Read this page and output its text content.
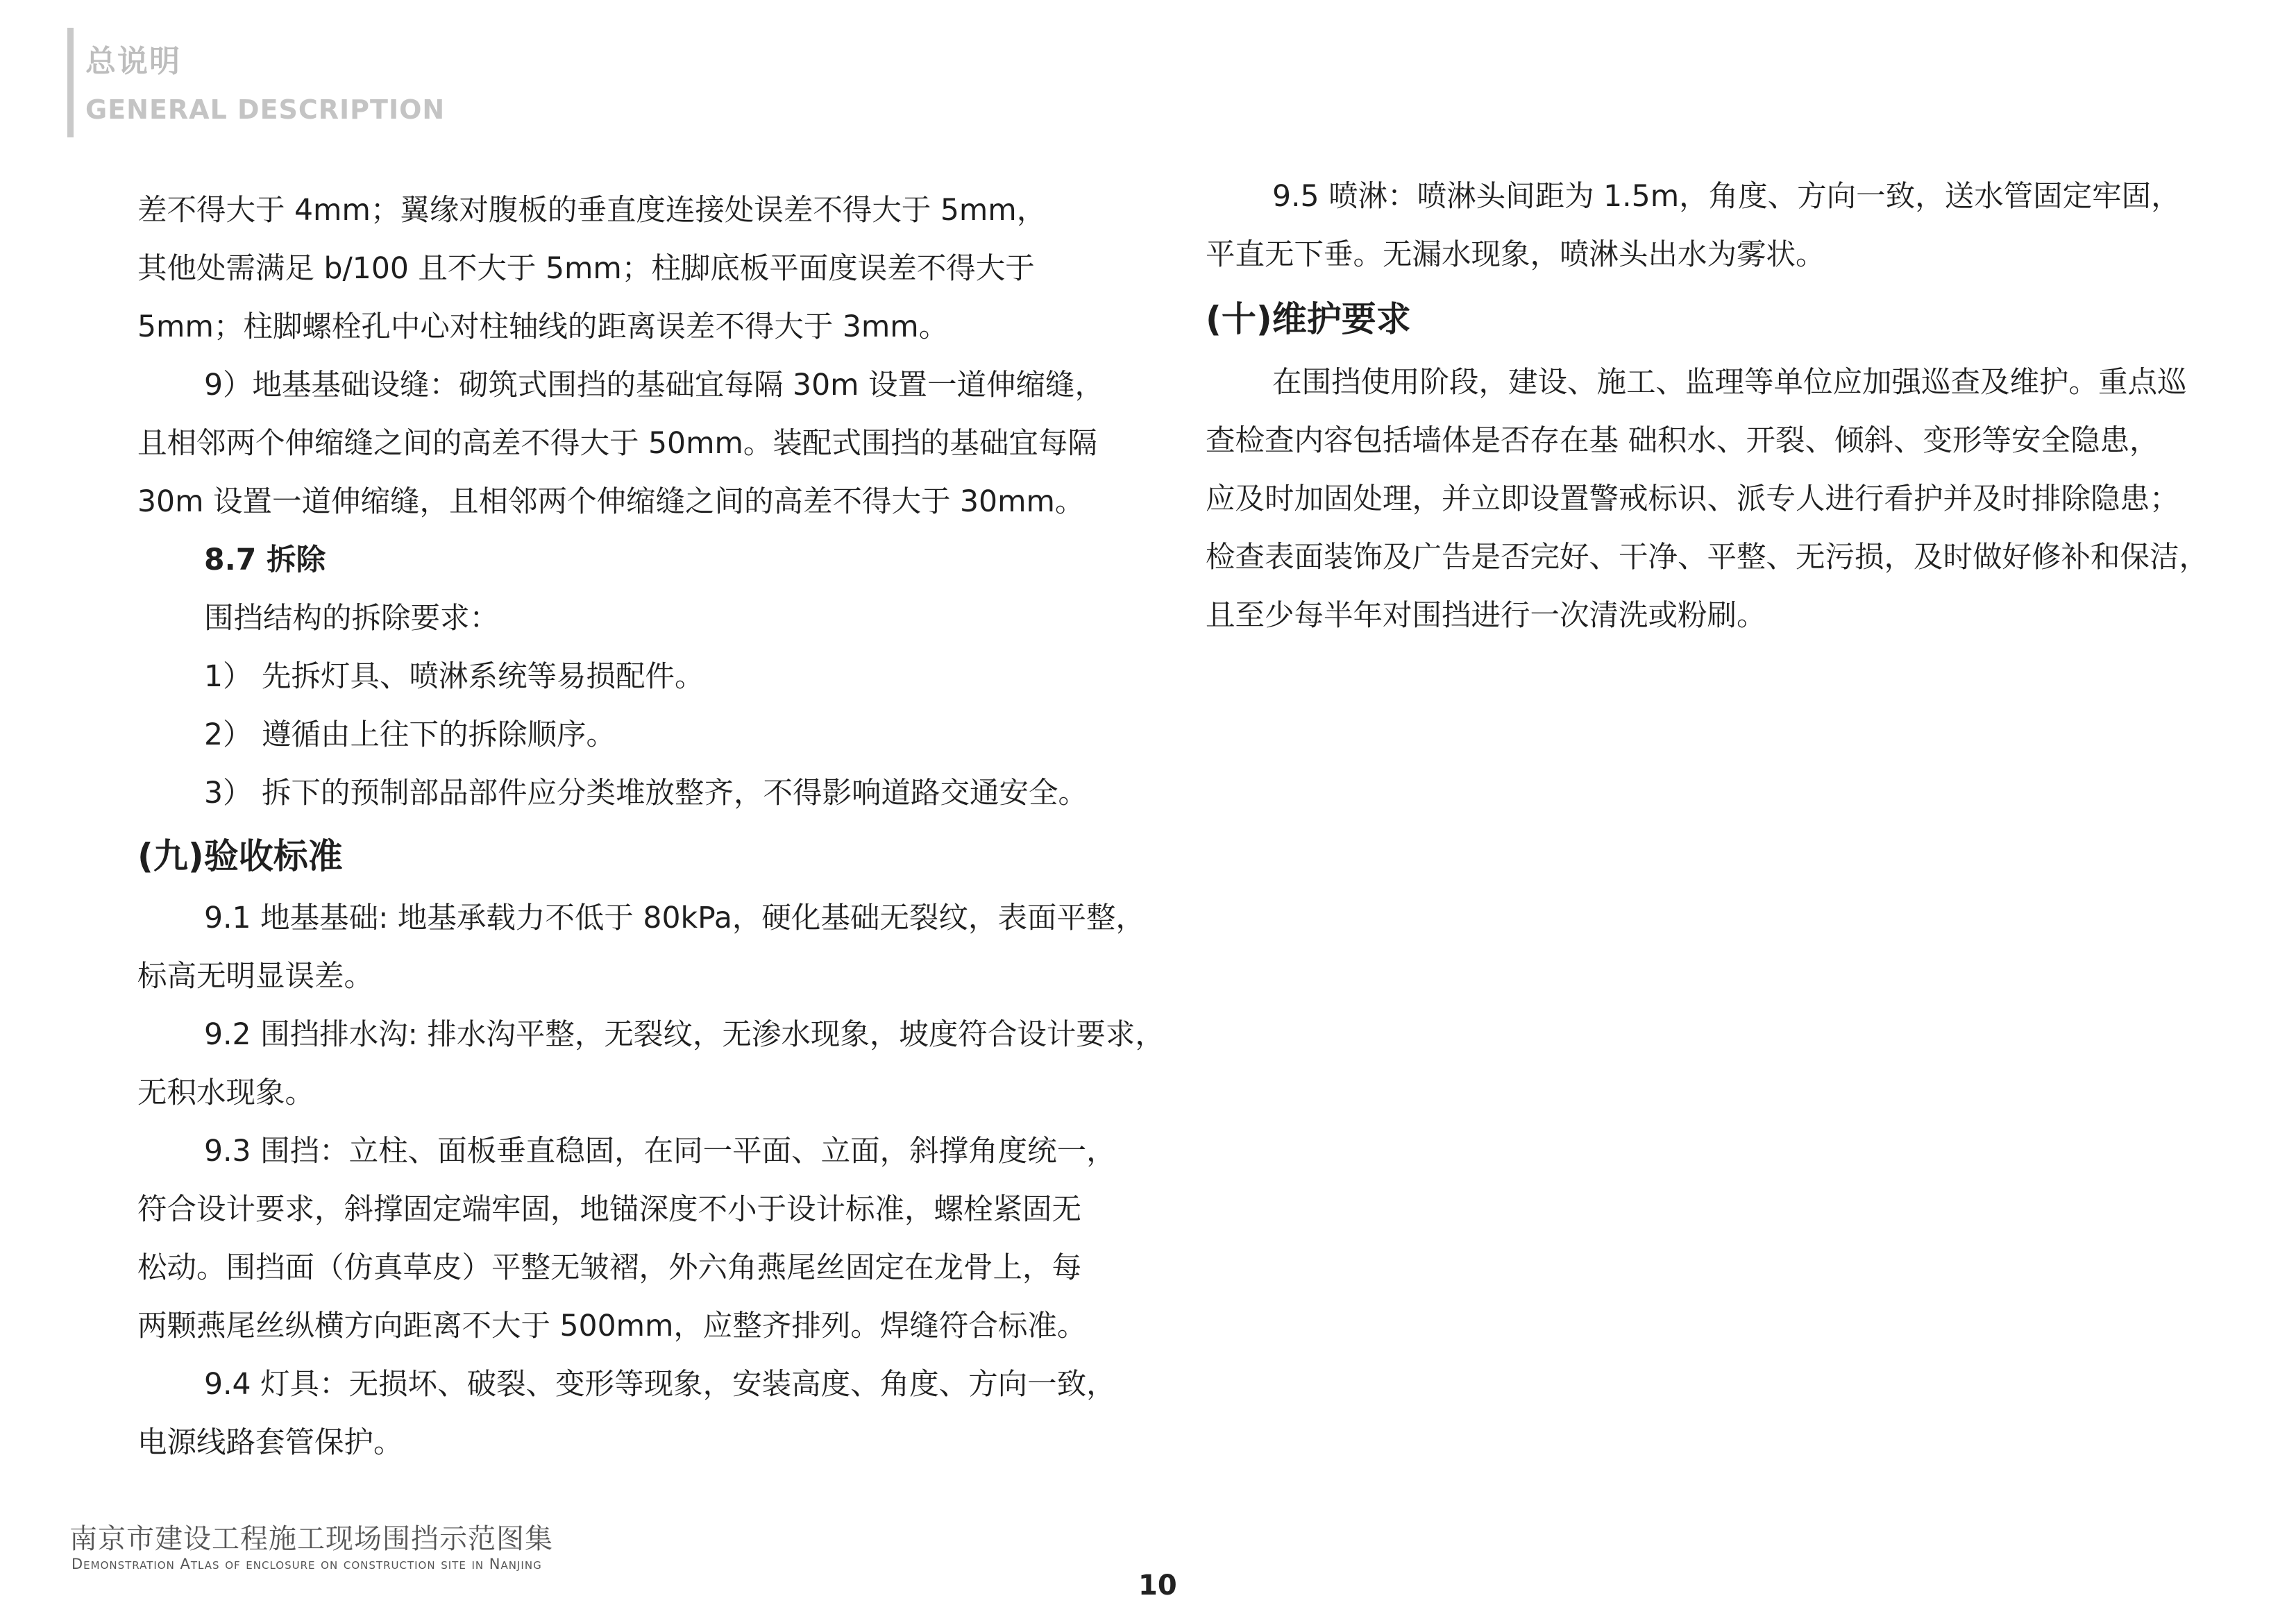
总说明
GENERAL DESCRIPTION

差不得大于 4mm；翼缘对腹板的垂直度连接处误差不得大于 5mm，

其他处需满足 b/100 且不大于 5mm；柱脚底板平面度误差不得大于

5mm；柱脚螺栓孔中心对柱轴线的距离误差不得大于 3mm。

9）地基基础设缝：砌筑式围挡的基础宜每隔 30m 设置一道伸缩缝，

且相邻两个伸缩缝之间的高差不得大于 50mm。装配式围挡的基础宜每隔

30m 设置一道伸缩缝，且相邻两个伸缩缝之间的高差不得大于 30mm。

8.7 拆除

围挡结构的拆除要求：

1） 先拆灯具、喷淋系统等易损配件。

2） 遵循由上往下的拆除顺序。

3） 拆下的预制部品部件应分类堆放整齐，不得影响道路交通安全。

(九)验收标准

9.1 地基基础: 地基承载力不低于 80kPa，硬化基础无裂纹，表面平整，

标高无明显误差。

9.2 围挡排水沟: 排水沟平整，无裂纹，无渗水现象，坡度符合设计要求，

无积水现象。

9.3 围挡：立柱、面板垂直稳固，在同一平面、立面，斜撑角度统一，

符合设计要求，斜撑固定端牢固，地锚深度不小于设计标准，螺栓紧固无

松动。围挡面（仿真草皮）平整无皱褶，外六角燕尾丝固定在龙骨上，每

两颗燕尾丝纵横方向距离不大于 500mm，应整齐排列。焊缝符合标准。

9.4 灯具：无损坏、破裂、变形等现象，安装高度、角度、方向一致，

电源线路套管保护。

9.5 喷淋：喷淋头间距为 1.5m，角度、方向一致，送水管固定牢固，

平直无下垂。无漏水现象，喷淋头出水为雾状。

(十)维护要求

在围挡使用阶段，建设、施工、监理等单位应加强巡查及维护。重点巡

查检查内容包括墙体是否存在基 础积水、开裂、倾斜、变形等安全隐患，

应及时加固处理，并立即设置警戒标识、派专人进行看护并及时排除隐患；

检查表面装饰及广告是否完好、干净、平整、无污损，及时做好修补和保洁，

且至少每半年对围挡进行一次清洗或粉刷。

南京市建设工程施工现场围挡示范图集
Demonstration Atlas of enclosure on construction site in Nanjing
10
